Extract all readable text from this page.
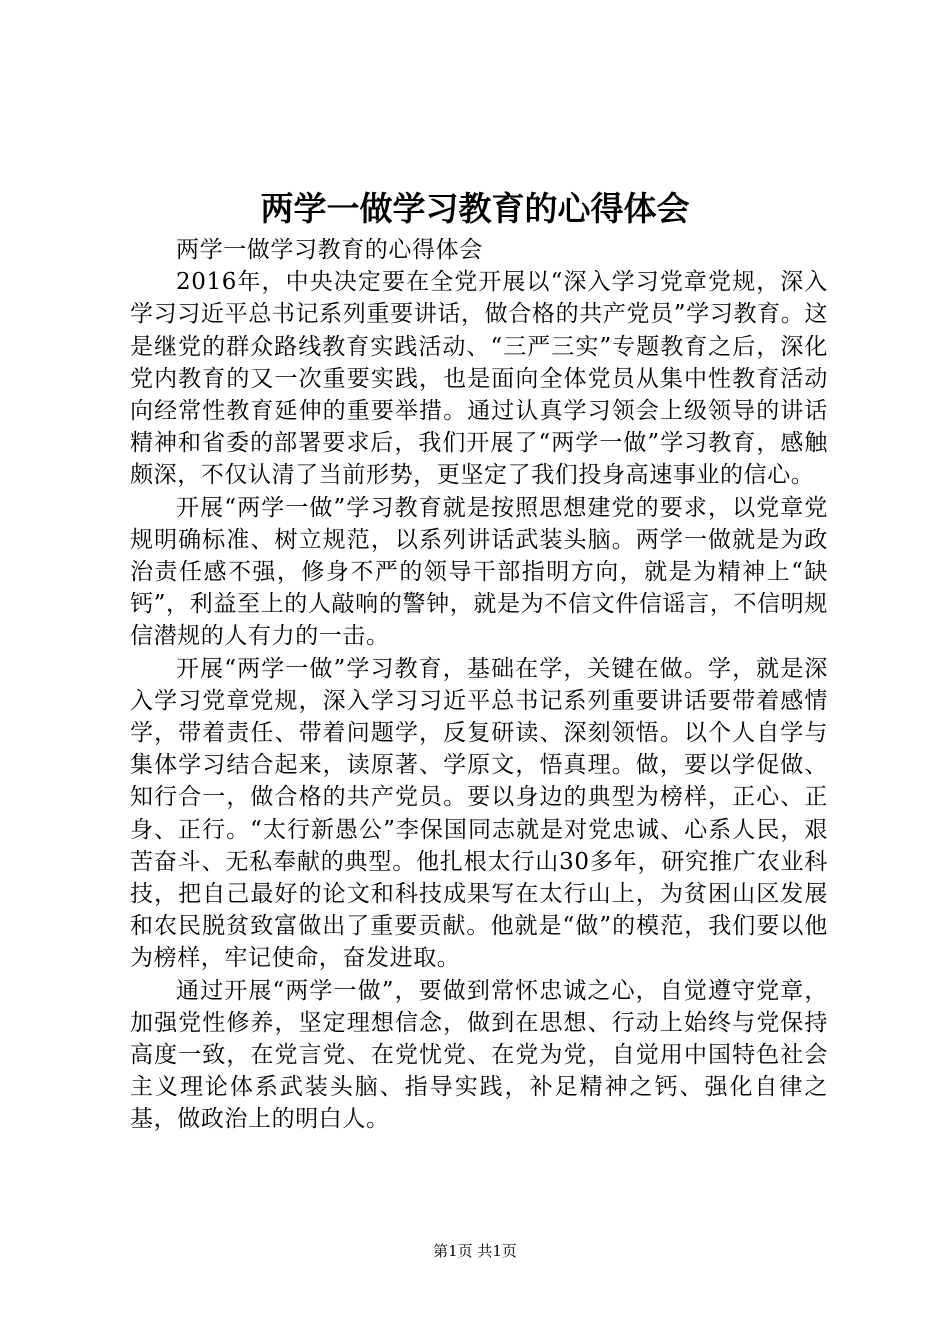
两学一做学习教育的心得体会

两学一做学习教育的心得体会

2016年，中央决定要在全党开展以“深入学习党章党规，深入学习习近平总书记系列重要讲话，做合格的共产党员”学习教育。这是继党的群众路线教育实践活动、“三严三实”专题教育之后，深化党内教育的又一次重要实践，也是面向全体党员从集中性教育活动向经常性教育延伸的重要举措。通过认真学习领会上级领导的讲话精神和省委的部署要求后，我们开展了“两学一做”学习教育，感触颇深，不仅认清了当前形势，更坚定了我们投身高速事业的信心。

开展“两学一做”学习教育就是按照思想建党的要求，以党章党规明确标准、树立规范，以系列讲话武装头脑。两学一做就是为政治责任感不强，修身不严的领导干部指明方向，就是为精神上“缺钙”，利益至上的人敲响的警钟，就是为不信文件信谣言，不信明规信潜规的人有力的一击。

开展“两学一做”学习教育，基础在学，关键在做。学，就是深入学习党章党规，深入学习习近平总书记系列重要讲话要带着感情学，带着责任、带着问题学，反复研读、深刻领悟。以个人自学与集体学习结合起来，读原著、学原文，悟真理。做，要以学促做、知行合一，做合格的共产党员。要以身边的典型为榜样，正心、正身、正行。“太行新愚公”李保国同志就是对党忠诚、心系人民，艰苦奋斗、无私奉献的典型。他扎根太行山30多年，研究推广农业科技，把自己最好的论文和科技成果写在太行山上，为贫困山区发展和农民脱贫致富做出了重要贡献。他就是“做”的模范，我们要以他为榜样，牢记使命，奋发进取。

通过开展“两学一做”，要做到常怀忠诚之心，自觉遵守党章，加强党性修养，坚定理想信念，做到在思想、行动上始终与党保持高度一致，在党言党、在党忧党、在党为党，自觉用中国特色社会主义理论体系武装头脑、指导实践，补足精神之钙、强化自律之基，做政治上的明白人。

第1页 共1页
